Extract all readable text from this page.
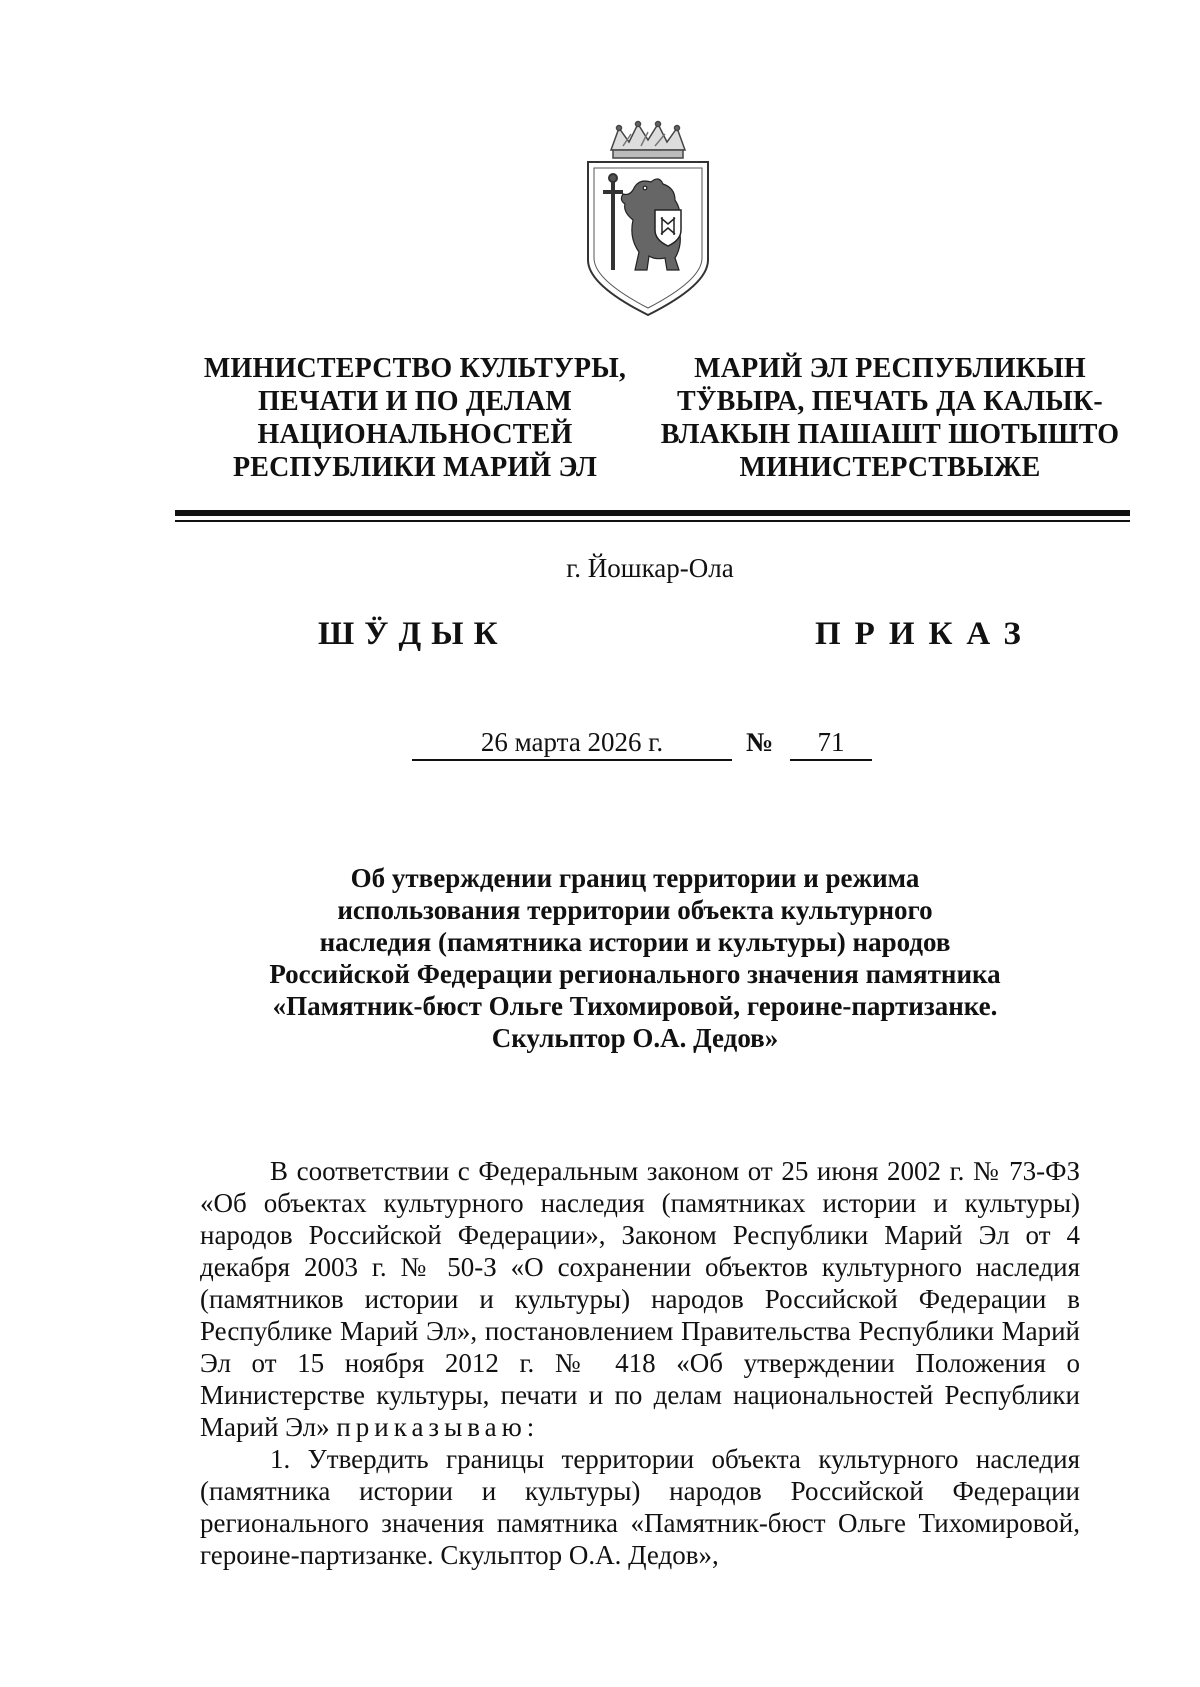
МИНИСТЕРСТВО КУЛЬТУРЫ,
ПЕЧАТИ И ПО ДЕЛАМ
НАЦИОНАЛЬНОСТЕЙ
РЕСПУБЛИКИ МАРИЙ ЭЛ
МАРИЙ ЭЛ РЕСПУБЛИКЫН
ТӰВЫРА, ПЕЧАТЬ ДА КАЛЫК-
ВЛАКЫН ПАШАШТ ШОТЫШТО
МИНИСТЕРСТВЫЖЕ
г. Йошкар-Ола
ШӰДЫК	ПРИКАЗ
26 марта 2026 г.	№	71
Об утверждении границ территории и режима
использования территории объекта культурного
наследия (памятника истории и культуры) народов
Российской Федерации регионального значения памятника
«Памятник-бюст Ольге Тихомировой, героине-партизанке.
Скульптор О.А. Дедов»

В соответствии с Федеральным законом от 25 июня 2002 г. № 73-ФЗ «Об объектах культурного наследия (памятниках истории и культуры) народов Российской Федерации», Законом Республики Марий Эл от 4 декабря 2003 г. № 50-З «О сохранении объектов культурного наследия (памятников истории и культуры) народов Российской Федерации в Республике Марий Эл», постановлением Правительства Республики Марий Эл от 15 ноября 2012 г. № 418 «Об утверждении Положения о Министерстве культуры, печати и по делам национальностей Республики Марий Эл» приказываю:

1. Утвердить границы территории объекта культурного наследия (памятника истории и культуры) народов Российской Федерации регионального значения памятника «Памятник-бюст Ольге Тихомировой, героине-партизанке. Скульптор О.А. Дедов»,
